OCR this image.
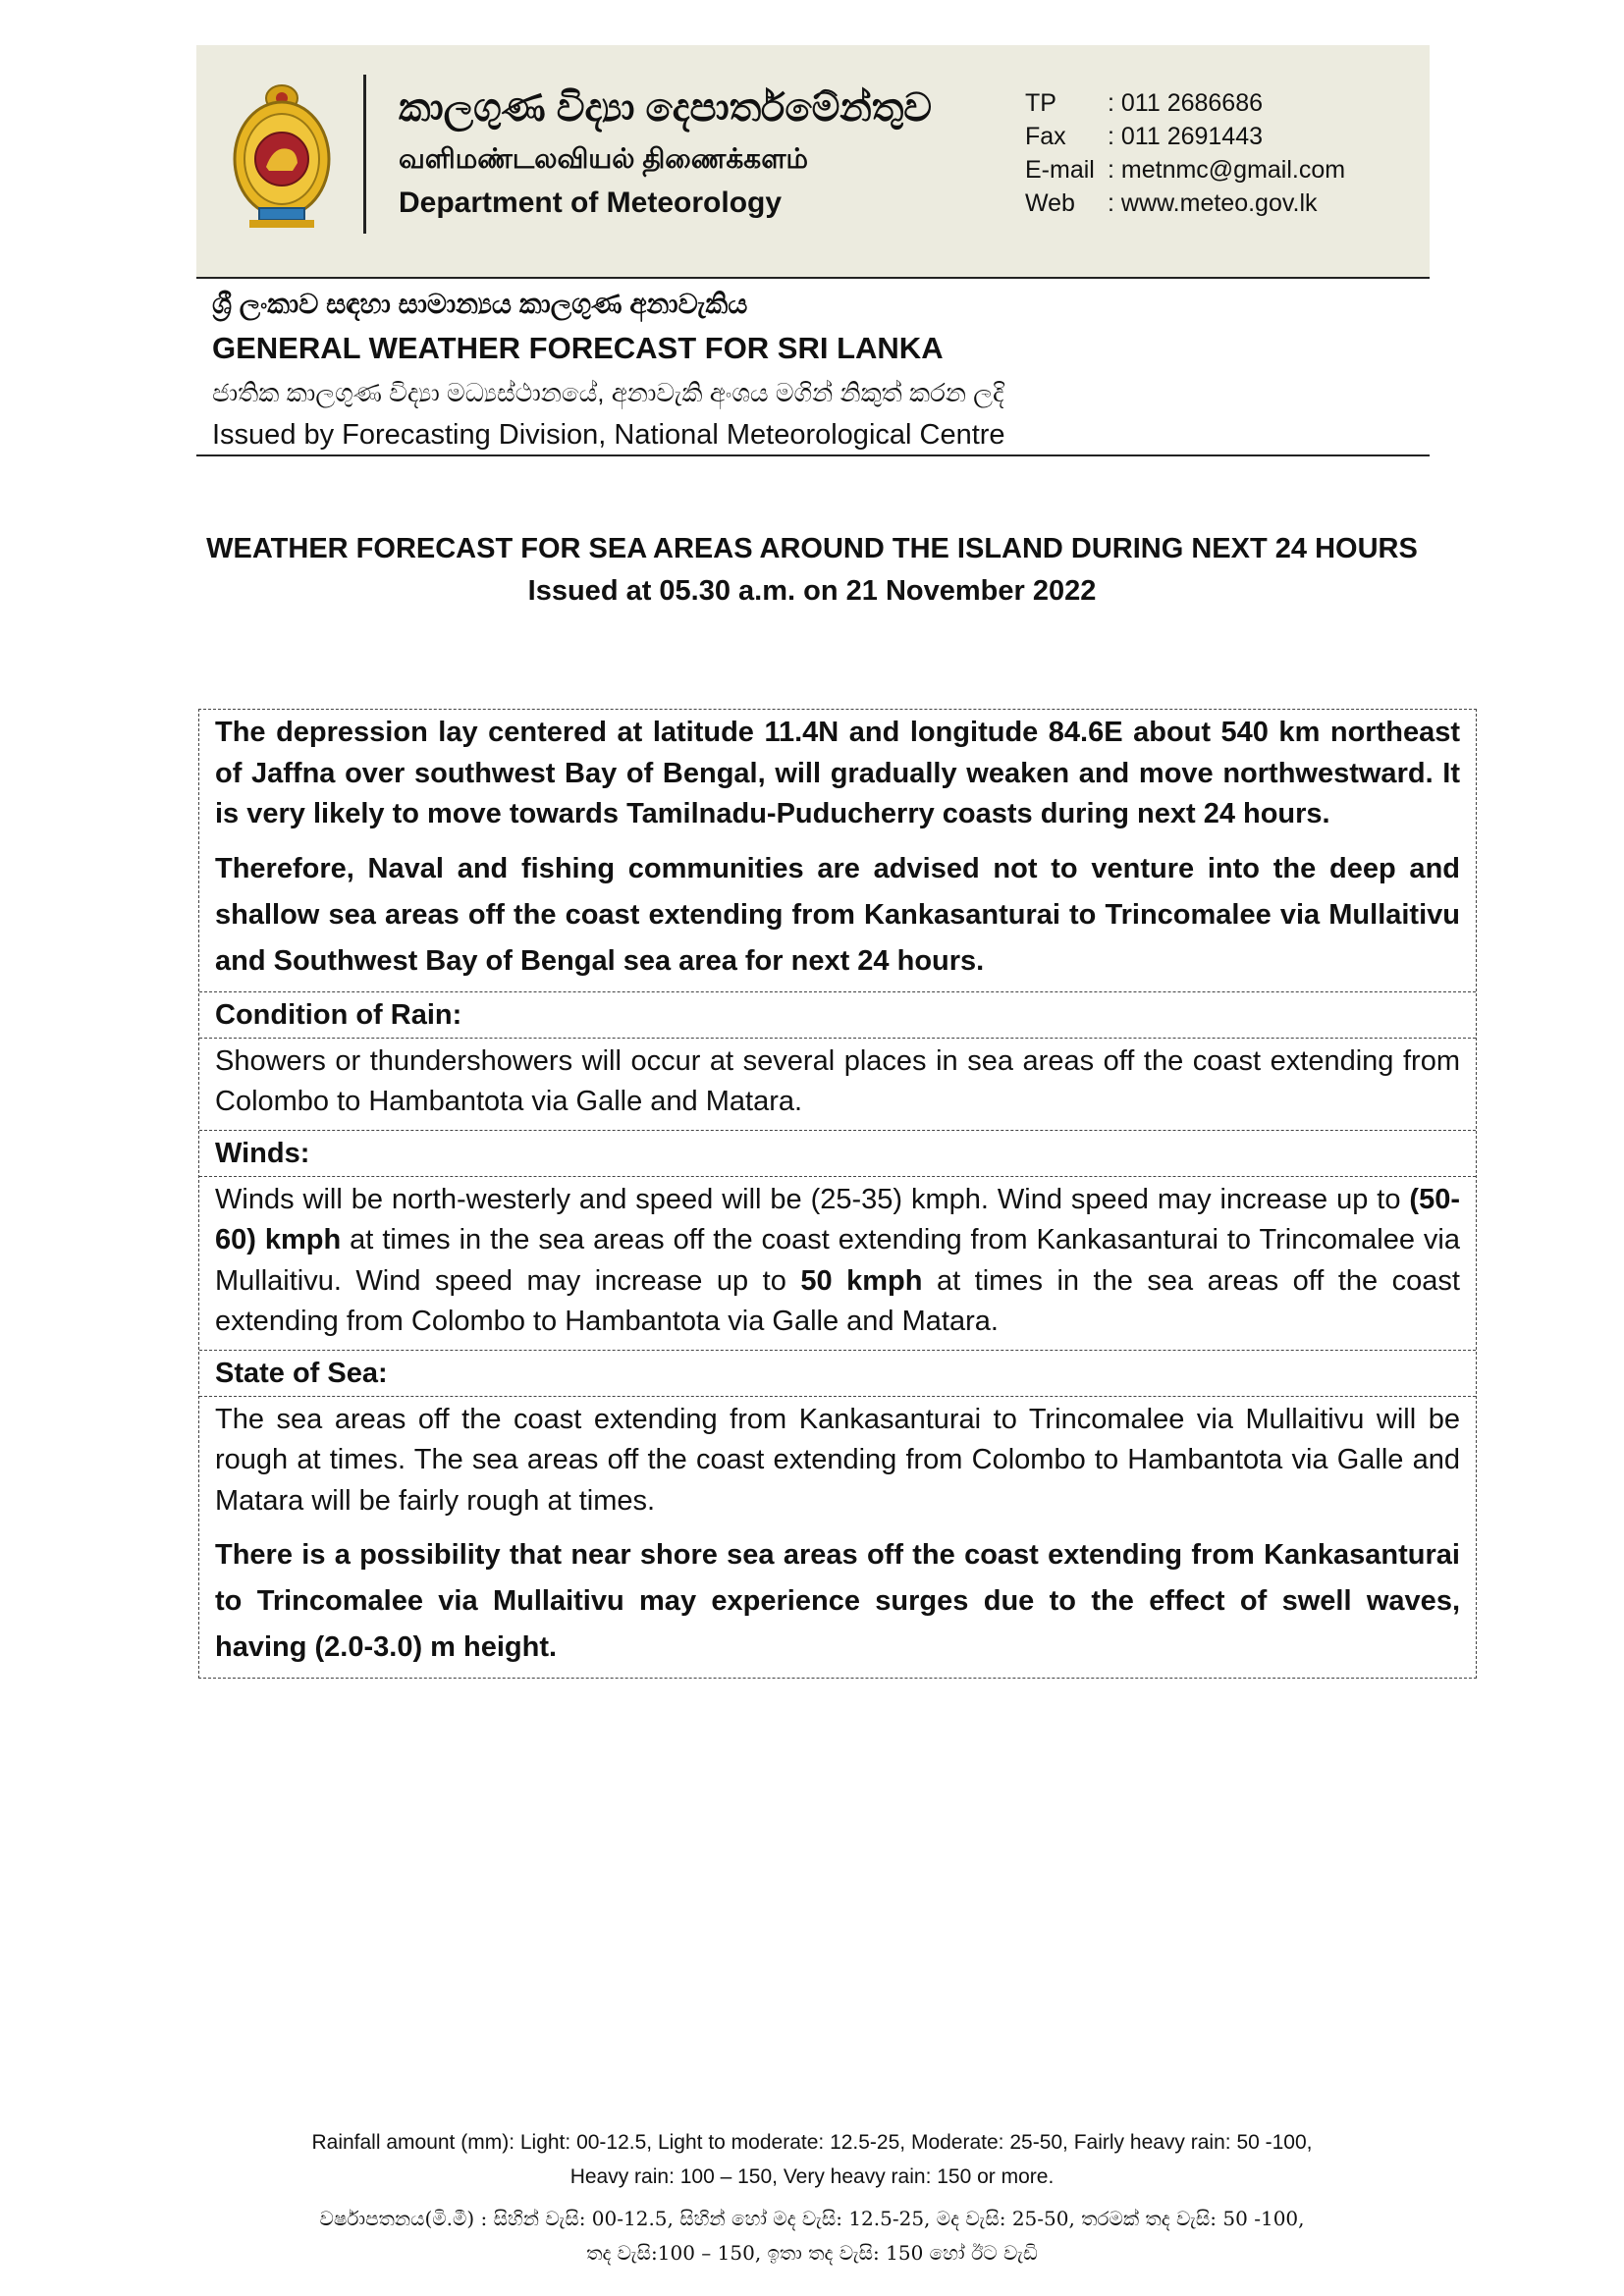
කාලගුණ විද්‍යා දෙපාර්තමේන්තුව
வளிமண்டலவியல் திணைக்களம்
Department of Meteorology
TP	: 011 2686686
Fax	: 011 2691443
E-mail : metnmc@gmail.com
Web	: www.meteo.gov.lk
ශ්‍රී ලංකාව සඳහා සාමාන්‍යය කාලගුණ අනාවැකිය
GENERAL WEATHER FORECAST FOR SRI LANKA
ජාතික කාලගුණ විද්‍යා මධ්‍යස්ථානයේ, අනාවැකි අංශය මගින් නිකුත් කරන ලදි
Issued by Forecasting Division, National Meteorological Centre
WEATHER FORECAST FOR SEA AREAS AROUND THE ISLAND DURING NEXT 24 HOURS
Issued at 05.30 a.m. on 21 November 2022

The depression lay centered at latitude 11.4N and longitude 84.6E about 540 km northeast of Jaffna over southwest Bay of Bengal, will gradually weaken and move northwestward. It is very likely to move towards Tamilnadu-Puducherry coasts during next 24 hours.

Therefore, Naval and fishing communities are advised not to venture into the deep and shallow sea areas off the coast extending from Kankasanturai to Trincomalee via Mullaitivu and Southwest Bay of Bengal sea area for next 24 hours.

Condition of Rain:
Showers or thundershowers will occur at several places in sea areas off the coast extending from Colombo to Hambantota via Galle and Matara.
Winds:
Winds will be north-westerly and speed will be (25-35) kmph. Wind speed may increase up to (50-60) kmph at times in the sea areas off the coast extending from Kankasanturai to Trincomalee via Mullaitivu. Wind speed may increase up to 50 kmph at times in the sea areas off the coast extending from Colombo to Hambantota via Galle and Matara.
State of Sea:

The sea areas off the coast extending from Kankasanturai to Trincomalee via Mullaitivu will be rough at times. The sea areas off the coast extending from Colombo to Hambantota via Galle and Matara will be fairly rough at times.

There is a possibility that near shore sea areas off the coast extending from Kankasanturai to Trincomalee via Mullaitivu may experience surges due to the effect of swell waves, having (2.0-3.0) m height.

Rainfall amount (mm): Light: 00-12.5, Light to moderate: 12.5-25, Moderate: 25-50, Fairly heavy rain: 50 -100,
Heavy rain: 100 – 150, Very heavy rain: 150 or more.
වර්ෂාපතනය(මි.මී) : සිහින් වැසි: 00-12.5, සිහින් හෝ මද වැසි: 12.5-25, මද වැසි: 25-50, තරමක් තද වැසි: 50 -100,
තද වැසි:100 – 150, ඉතා තද වැසි: 150 හෝ ඊට වැඩි
